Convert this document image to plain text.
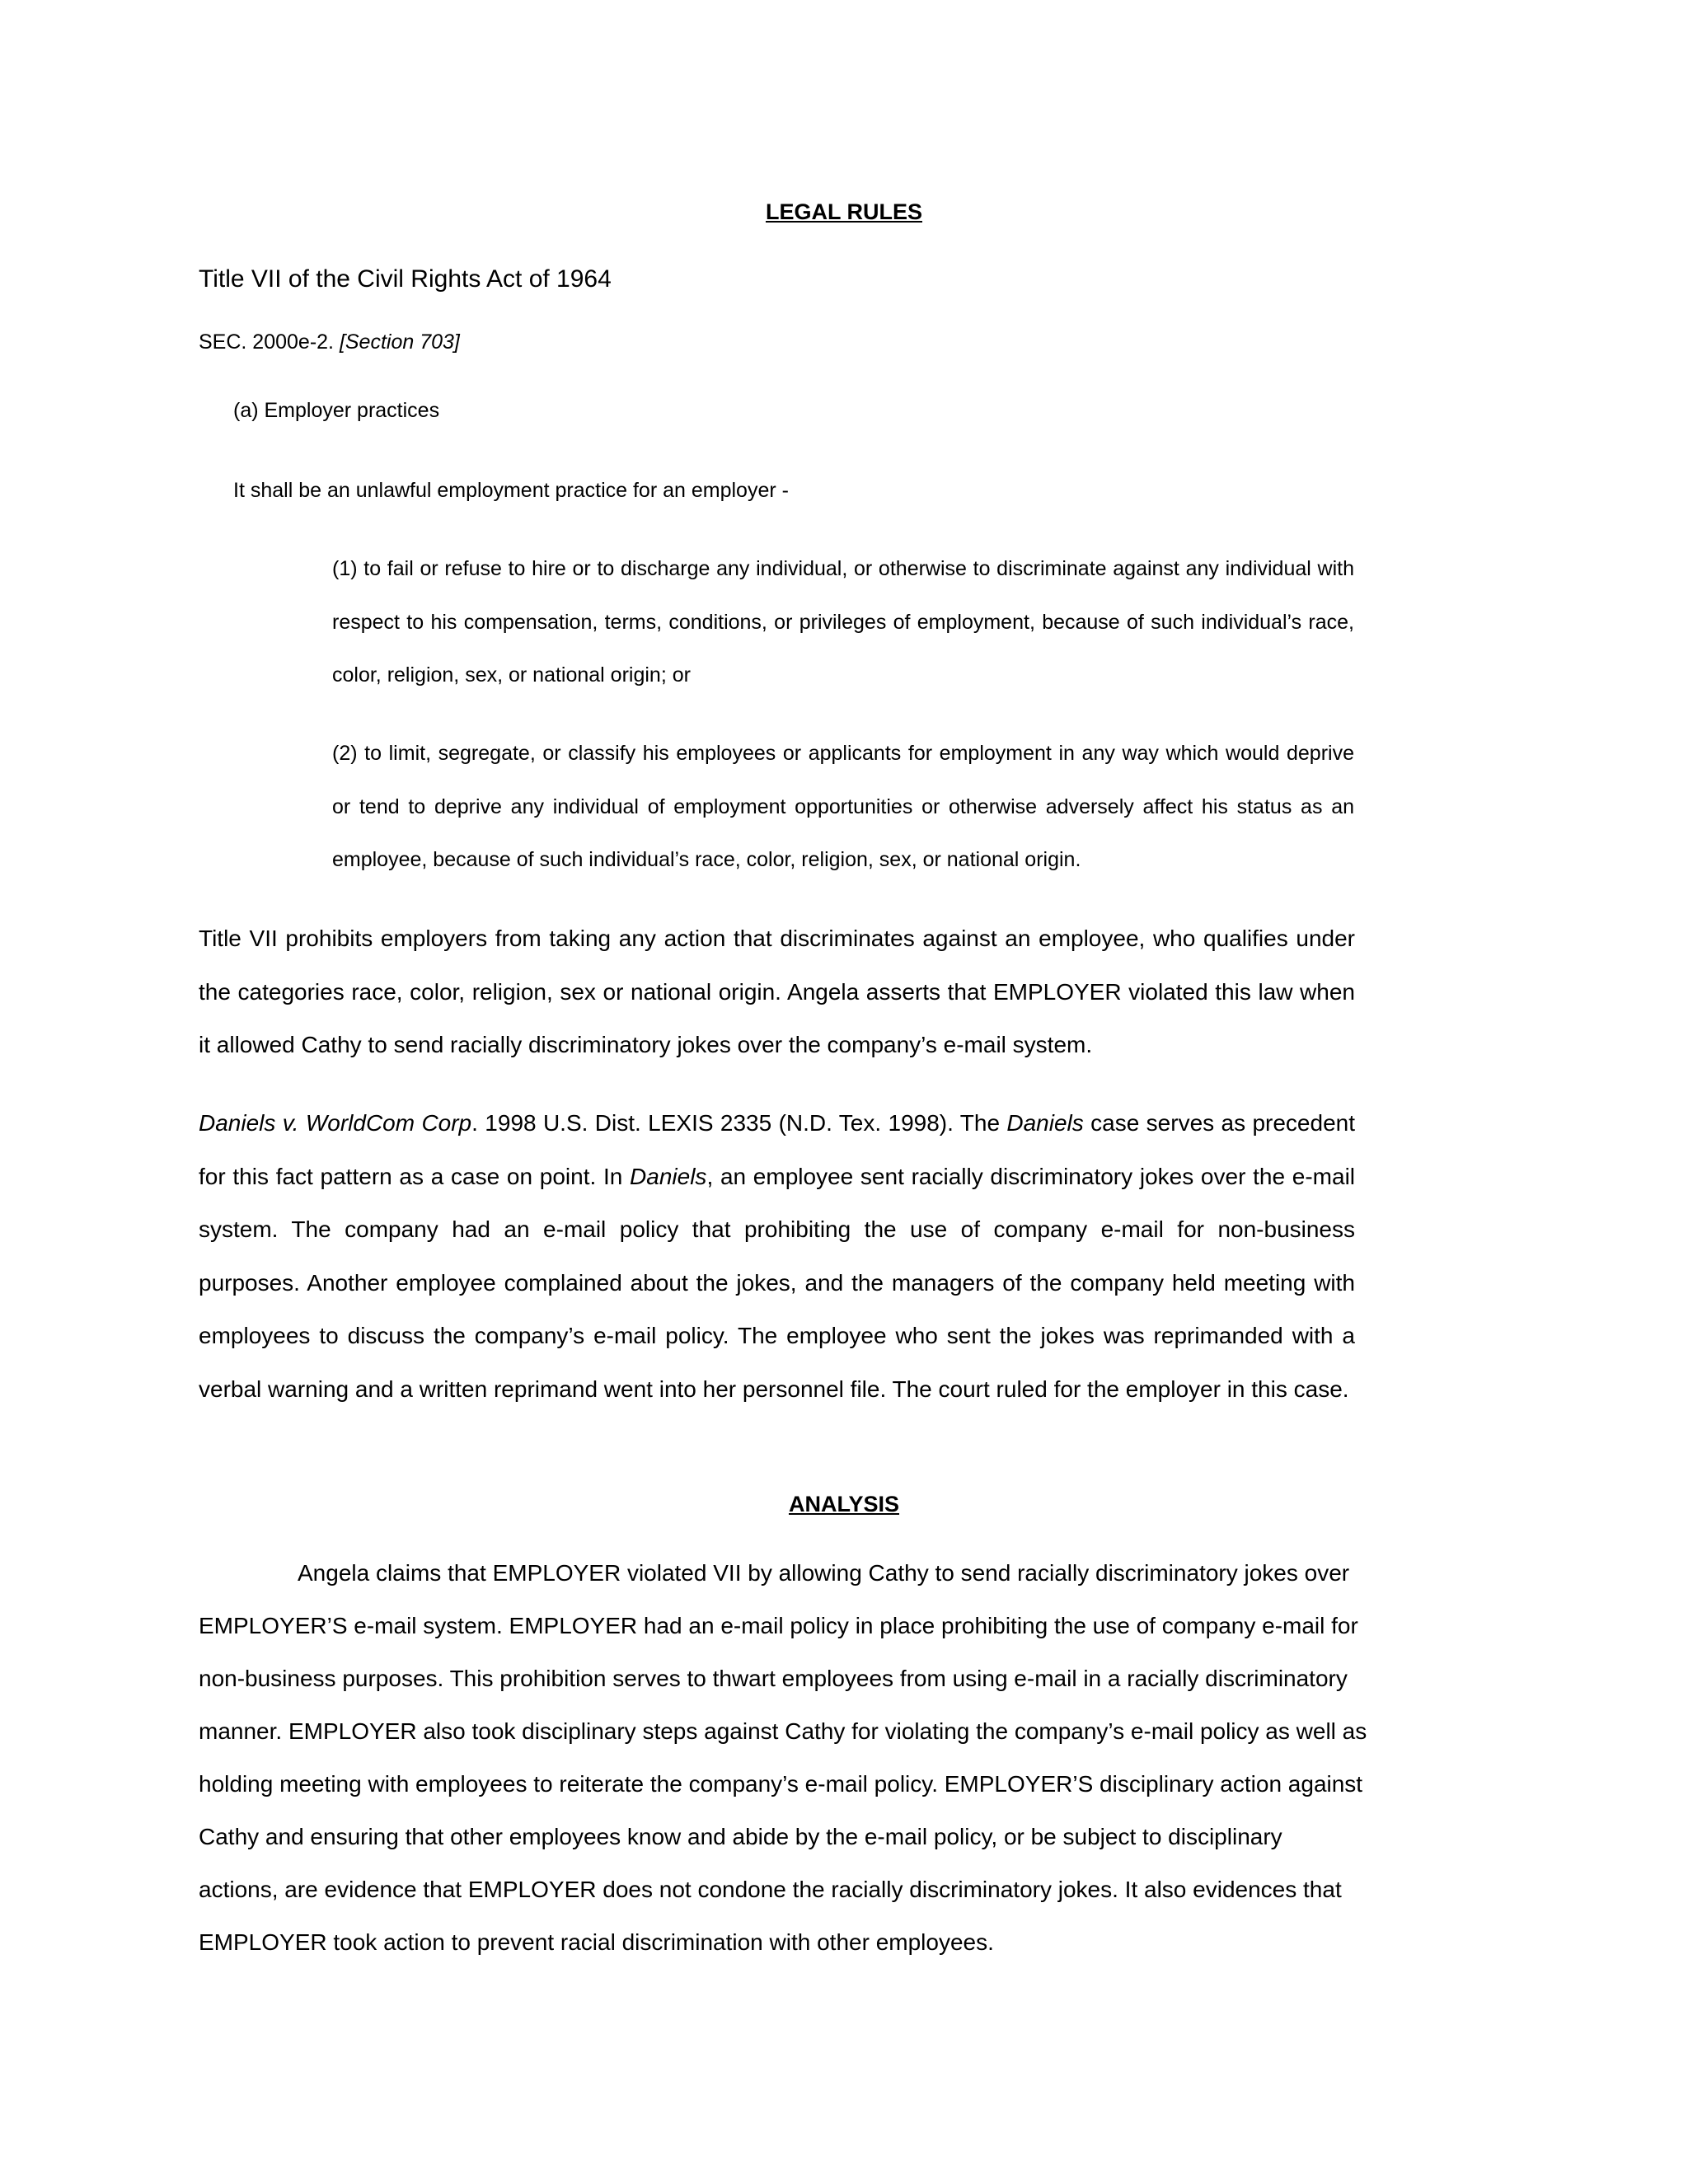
LEGAL RULES
Title VII of the Civil Rights Act of 1964
SEC. 2000e-2. [Section 703]
(a) Employer practices
It shall be an unlawful employment practice for an employer -
(1) to fail or refuse to hire or to discharge any individual, or otherwise to discriminate against any individual with respect to his compensation, terms, conditions, or privileges of employment, because of such individual’s race, color, religion, sex, or national origin; or
(2) to limit, segregate, or classify his employees or applicants for employment in any way which would deprive or tend to deprive any individual of employment opportunities or otherwise adversely affect his status as an employee, because of such individual’s race, color, religion, sex, or national origin.
Title VII prohibits employers from taking any action that discriminates against an employee, who qualifies under the categories race, color, religion, sex or national origin. Angela asserts that EMPLOYER violated this law when it allowed Cathy to send racially discriminatory jokes over the company’s e-mail system.
Daniels v. WorldCom Corp. 1998 U.S. Dist. LEXIS 2335 (N.D. Tex. 1998). The Daniels case serves as precedent for this fact pattern as a case on point. In Daniels, an employee sent racially discriminatory jokes over the e-mail system. The company had an e-mail policy that prohibiting the use of company e-mail for non-business purposes. Another employee complained about the jokes, and the managers of the company held meeting with employees to discuss the company’s e-mail policy. The employee who sent the jokes was reprimanded with a verbal warning and a written reprimand went into her personnel file. The court ruled for the employer in this case.
ANALYSIS
Angela claims that EMPLOYER violated VII by allowing Cathy to send racially discriminatory jokes over
EMPLOYER’S e-mail system. EMPLOYER had an e-mail policy in place prohibiting the use of company e-mail for
non-business purposes. This prohibition serves to thwart employees from using e-mail in a racially discriminatory
manner. EMPLOYER also took disciplinary steps against Cathy for violating the company’s e-mail policy as well as
holding meeting with employees to reiterate the company’s e-mail policy. EMPLOYER’S disciplinary action against
Cathy and ensuring that other employees know and abide by the e-mail policy, or be subject to disciplinary
actions, are evidence that EMPLOYER does not condone the racially discriminatory jokes. It also evidences that
EMPLOYER took action to prevent racial discrimination with other employees.
